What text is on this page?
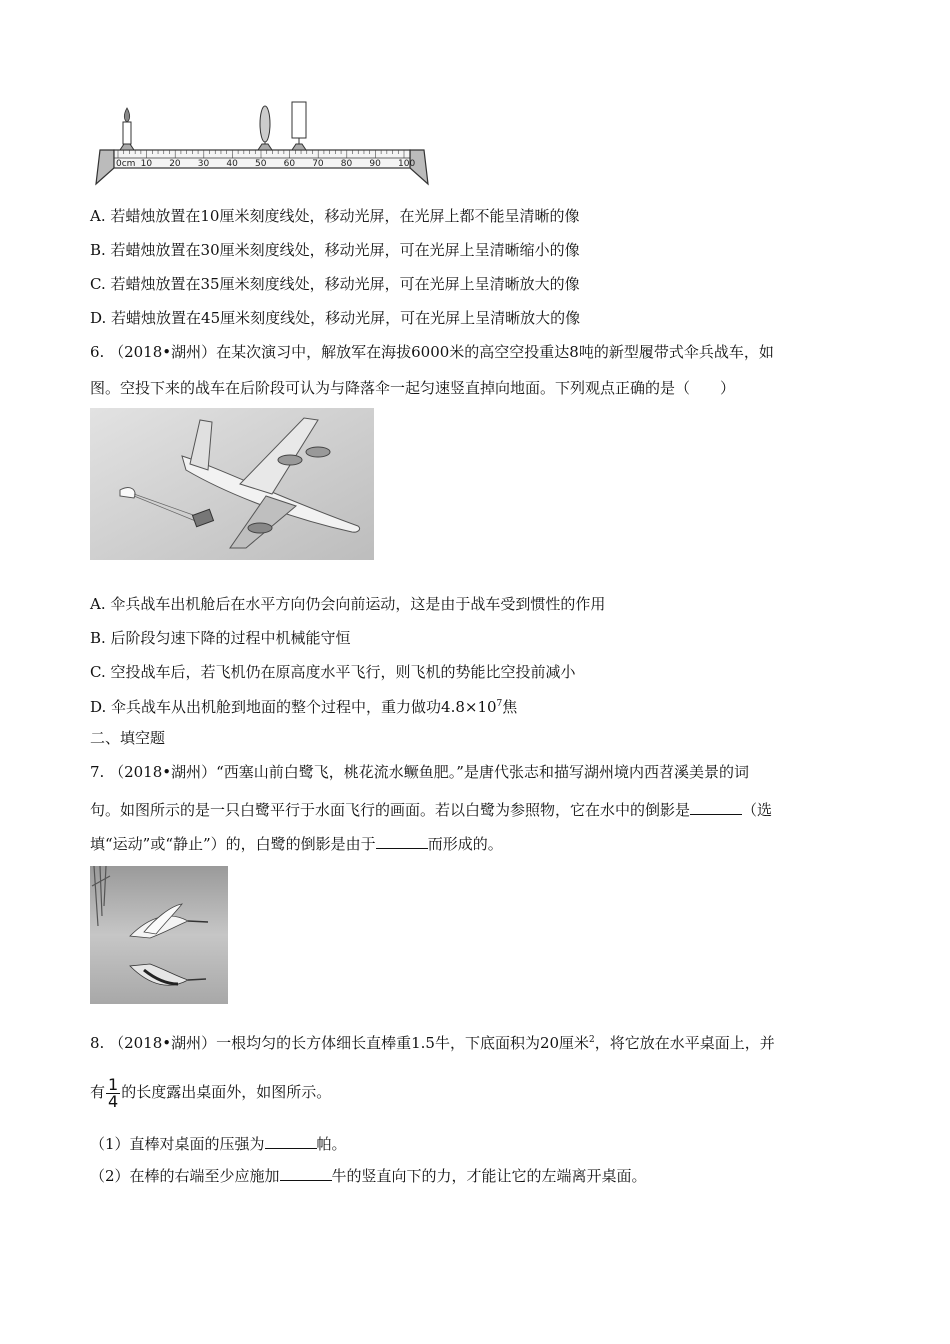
0cm 10 20 30 40 50 60 70 80 90 100
A. 若蜡烛放置在10厘米刻度线处，移动光屏，在光屏上都不能呈清晰的像
B. 若蜡烛放置在30厘米刻度线处，移动光屏，可在光屏上呈清晰缩小的像
C. 若蜡烛放置在35厘米刻度线处，移动光屏，可在光屏上呈清晰放大的像
D. 若蜡烛放置在45厘米刻度线处，移动光屏，可在光屏上呈清晰放大的像
6. （2018•湖州）在某次演习中，解放军在海拔6000米的高空空投重达8吨的新型履带式伞兵战车，如
图。空投下来的战车在后阶段可认为与降落伞一起匀速竖直掉向地面。下列观点正确的是（　　）
A. 伞兵战车出机舱后在水平方向仍会向前运动，这是由于战车受到惯性的作用
B. 后阶段匀速下降的过程中机械能守恒
C. 空投战车后，若飞机仍在原高度水平飞行，则飞机的势能比空投前减小
D. 伞兵战车从出机舱到地面的整个过程中，重力做功$4.8\times 10^7$焦
二、填空题
7. （2018•湖州）“西塞山前白鹭飞，桃花流水鳜鱼肥。”是唐代张志和描写湖州境内西苕溪美景的词
句。如图所示的是一只白鹭平行于水面飞行的画面。若以白鹭为参照物，它在水中的倒影是	（选
填“运动”或“静止”）的，白鹭的倒影是由于	而形成的。
8. （2018•湖州）一根均匀的长方体细长直棒重1.5牛，下底面积为20厘米$^2$，将它放在水平桌面上，并
有 $\frac{1}{4}$ 的长度露出桌面外，如图所示。
（1）直棒对桌面的压强为	帕。
（2）在棒的右端至少应施加	牛的竖直向下的力，才能让它的左端离开桌面。
